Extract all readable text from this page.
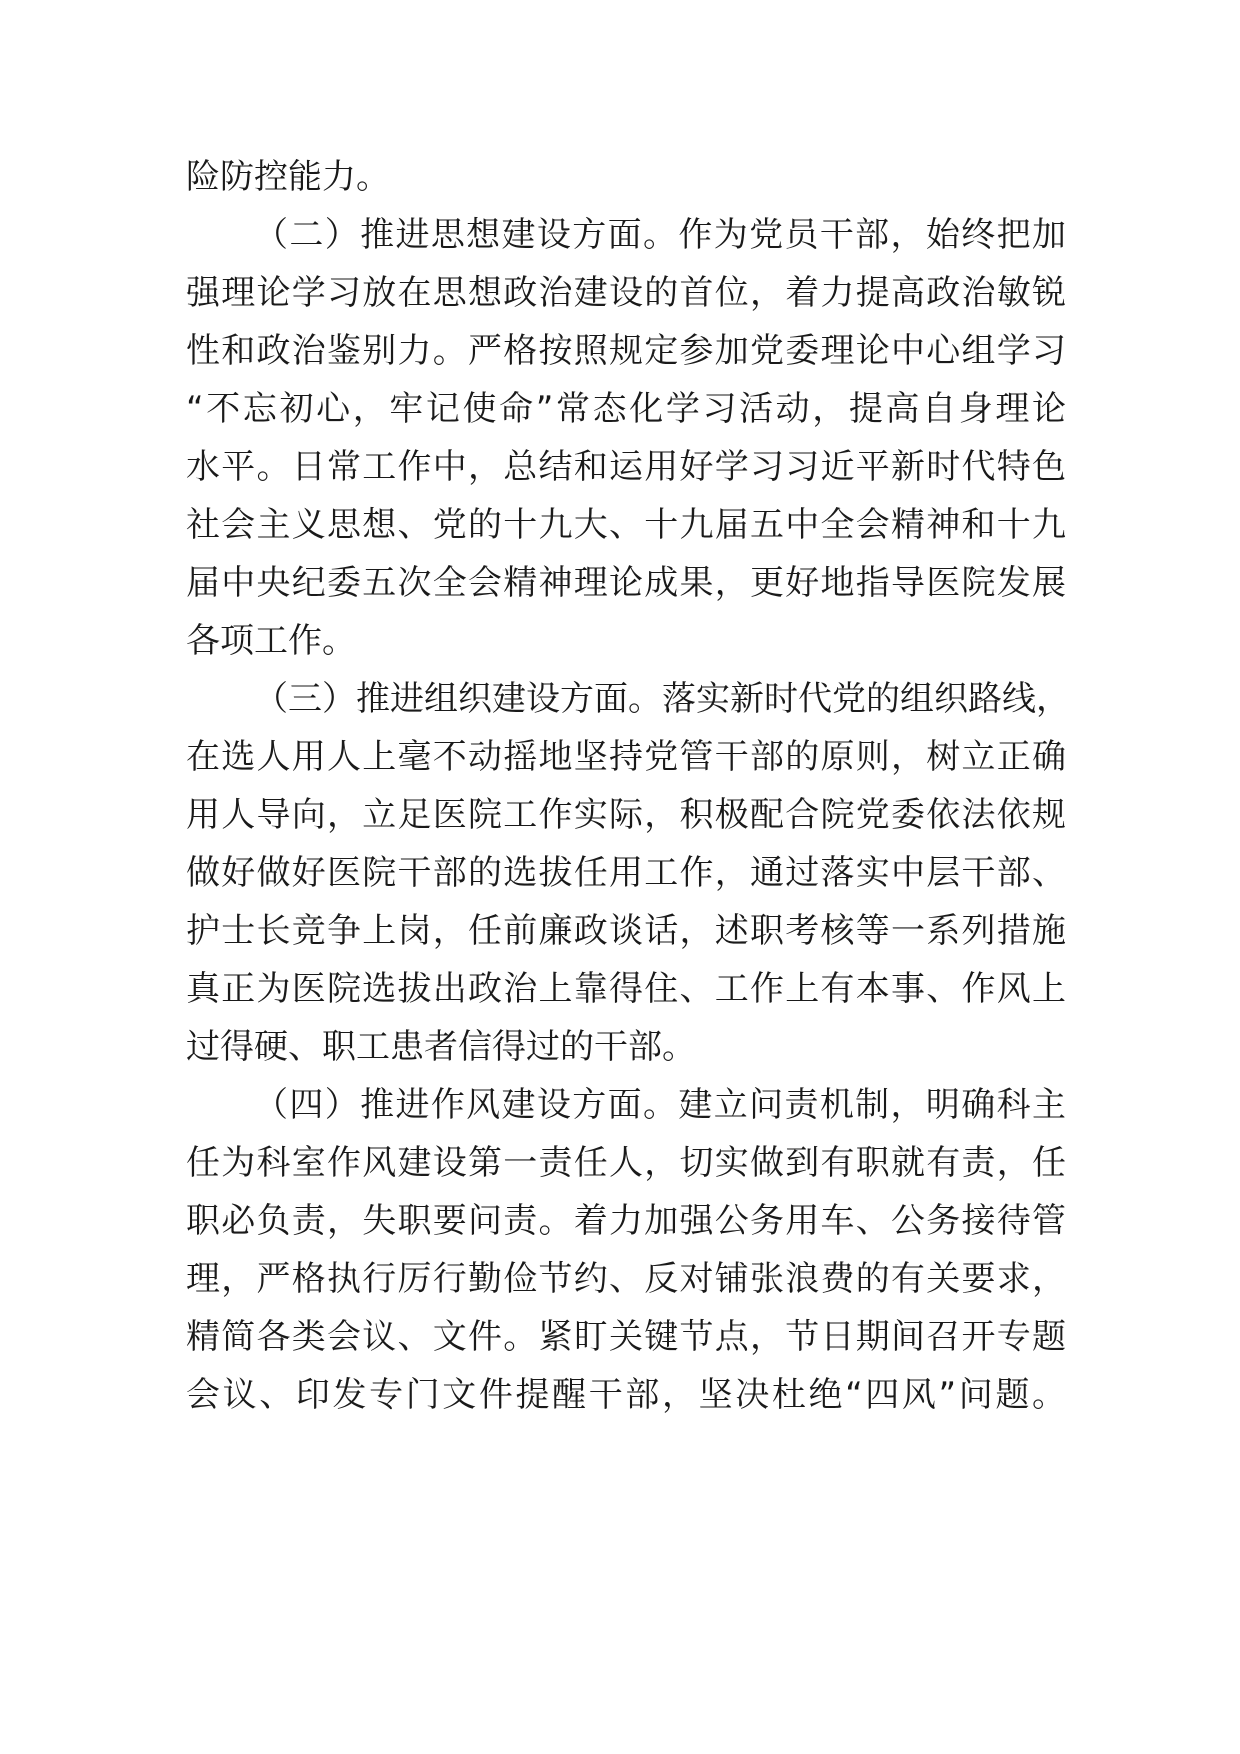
险防控能力。

（二）推进思想建设方面。作为党员干部，始终把加

强理论学习放在思想政治建设的首位，着力提高政治敏锐

性和政治鉴别力。严格按照规定参加党委理论中心组学习

“不忘初心，牢记使命”常态化学习活动，提高自身理论

水平。日常工作中，总结和运用好学习习近平新时代特色

社会主义思想、党的十九大、十九届五中全会精神和十九

届中央纪委五次全会精神理论成果，更好地指导医院发展

各项工作。

（三）推进组织建设方面。落实新时代党的组织路线，

在选人用人上毫不动摇地坚持党管干部的原则，树立正确

用人导向，立足医院工作实际，积极配合院党委依法依规

做好做好医院干部的选拔任用工作，通过落实中层干部、

护士长竞争上岗，任前廉政谈话，述职考核等一系列措施

真正为医院选拔出政治上靠得住、工作上有本事、作风上

过得硬、职工患者信得过的干部。

（四）推进作风建设方面。建立问责机制，明确科主

任为科室作风建设第一责任人，切实做到有职就有责，任

职必负责，失职要问责。着力加强公务用车、公务接待管

理，严格执行厉行勤俭节约、反对铺张浪费的有关要求，

精简各类会议、文件。紧盯关键节点，节日期间召开专题

会议、印发专门文件提醒干部，坚决杜绝“四风”问题。
